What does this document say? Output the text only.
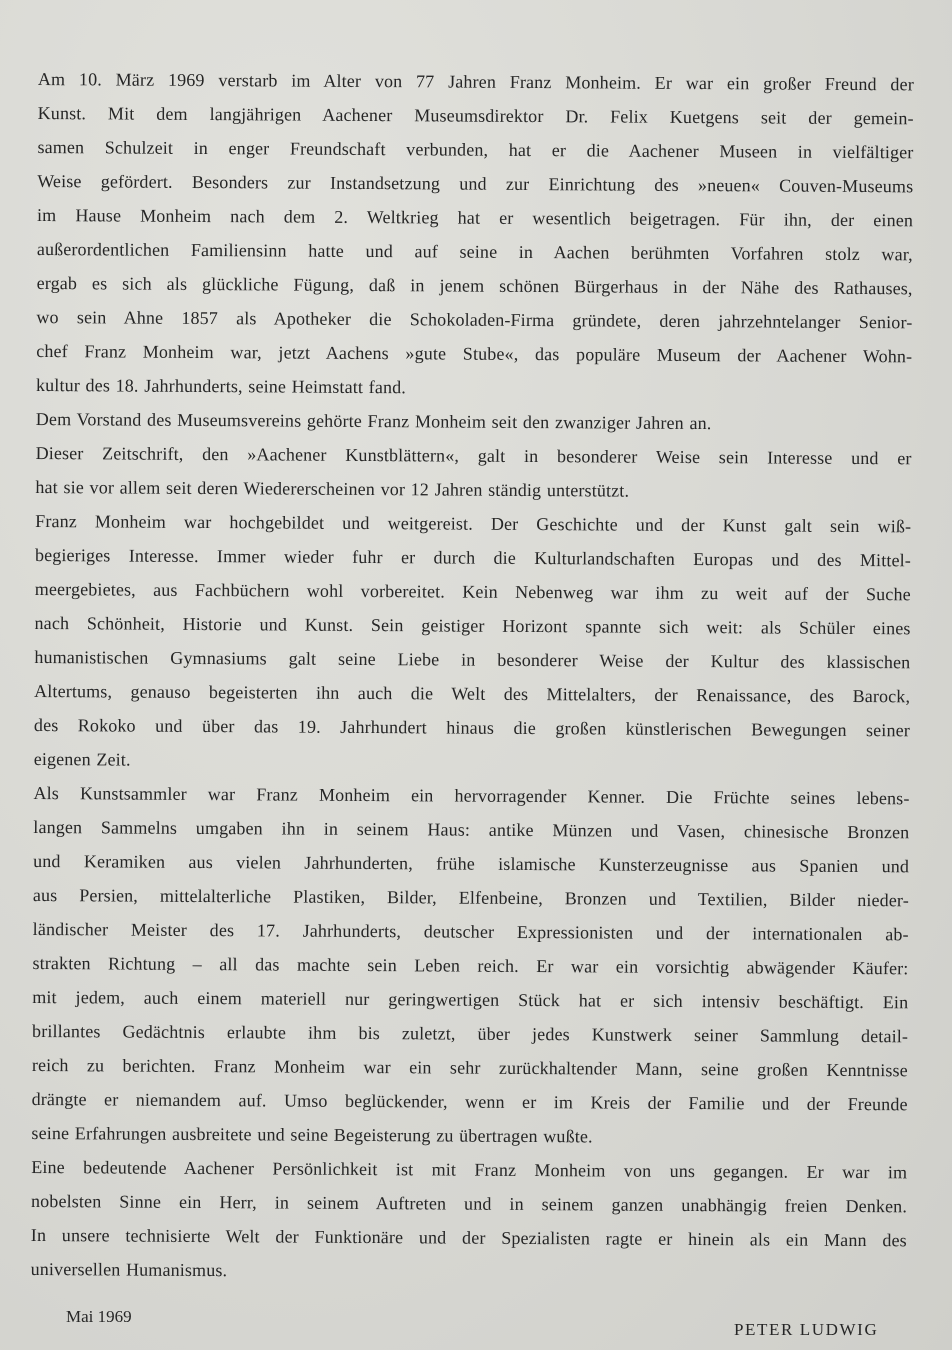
Am 10. März 1969 verstarb im Alter von 77 Jahren Franz Monheim. Er war ein großer Freund der
Kunst. Mit dem langjährigen Aachener Museumsdirektor Dr. Felix Kuetgens seit der gemein-
samen Schulzeit in enger Freundschaft verbunden, hat er die Aachener Museen in vielfältiger
Weise gefördert. Besonders zur Instandsetzung und zur Einrichtung des »neuen« Couven-Museums
im Hause Monheim nach dem 2. Weltkrieg hat er wesentlich beigetragen. Für ihn, der einen
außerordentlichen Familiensinn hatte und auf seine in Aachen berühmten Vorfahren stolz war,
ergab es sich als glückliche Fügung, daß in jenem schönen Bürgerhaus in der Nähe des Rathauses,
wo sein Ahne 1857 als Apotheker die Schokoladen-Firma gründete, deren jahrzehntelanger Senior-
chef Franz Monheim war, jetzt Aachens »gute Stube«, das populäre Museum der Aachener Wohn-
kultur des 18. Jahrhunderts, seine Heimstatt fand.
Dem Vorstand des Museumsvereins gehörte Franz Monheim seit den zwanziger Jahren an.
Dieser Zeitschrift, den »Aachener Kunstblättern«, galt in besonderer Weise sein Interesse und er
hat sie vor allem seit deren Wiedererscheinen vor 12 Jahren ständig unterstützt.
Franz Monheim war hochgebildet und weitgereist. Der Geschichte und der Kunst galt sein wiß-
begieriges Interesse. Immer wieder fuhr er durch die Kulturlandschaften Europas und des Mittel-
meergebietes, aus Fachbüchern wohl vorbereitet. Kein Nebenweg war ihm zu weit auf der Suche
nach Schönheit, Historie und Kunst. Sein geistiger Horizont spannte sich weit: als Schüler eines
humanistischen Gymnasiums galt seine Liebe in besonderer Weise der Kultur des klassischen
Altertums, genauso begeisterten ihn auch die Welt des Mittelalters, der Renaissance, des Barock,
des Rokoko und über das 19. Jahrhundert hinaus die großen künstlerischen Bewegungen seiner
eigenen Zeit.
Als Kunstsammler war Franz Monheim ein hervorragender Kenner. Die Früchte seines lebens-
langen Sammelns umgaben ihn in seinem Haus: antike Münzen und Vasen, chinesische Bronzen
und Keramiken aus vielen Jahrhunderten, frühe islamische Kunsterzeugnisse aus Spanien und
aus Persien, mittelalterliche Plastiken, Bilder, Elfenbeine, Bronzen und Textilien, Bilder nieder-
ländischer Meister des 17. Jahrhunderts, deutscher Expressionisten und der internationalen ab-
strakten Richtung – all das machte sein Leben reich. Er war ein vorsichtig abwägender Käufer:
mit jedem, auch einem materiell nur geringwertigen Stück hat er sich intensiv beschäftigt. Ein
brillantes Gedächtnis erlaubte ihm bis zuletzt, über jedes Kunstwerk seiner Sammlung detail-
reich zu berichten. Franz Monheim war ein sehr zurückhaltender Mann, seine großen Kenntnisse
drängte er niemandem auf. Umso beglückender, wenn er im Kreis der Familie und der Freunde
seine Erfahrungen ausbreitete und seine Begeisterung zu übertragen wußte.
Eine bedeutende Aachener Persönlichkeit ist mit Franz Monheim von uns gegangen. Er war im
nobelsten Sinne ein Herr, in seinem Auftreten und in seinem ganzen unabhängig freien Denken.
In unsere technisierte Welt der Funktionäre und der Spezialisten ragte er hinein als ein Mann des
universellen Humanismus.
Mai 1969
PETER LUDWIG
